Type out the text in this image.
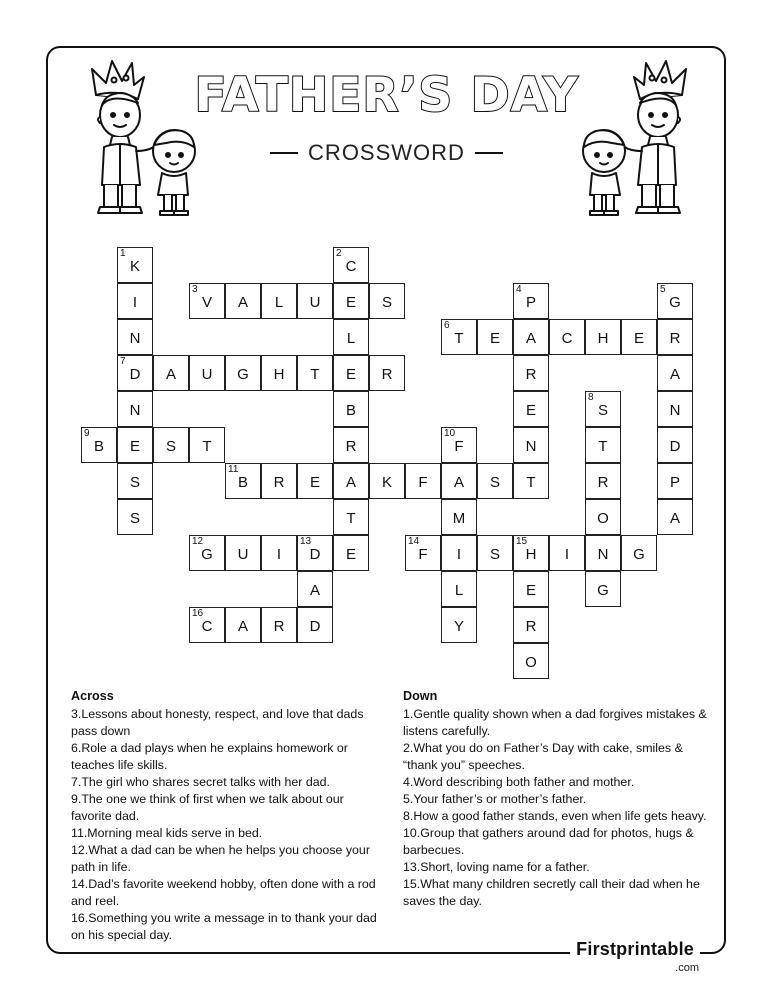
FATHER’S DAY
CROSSWORD
1
K
I
N
7
D
N
E
S
S
2
C
E
L
E
B
R
A
T
E
3
V	A	L	U	S
4
P
A
R
E
N
T
5
G
R
A
N
D
P
A
6
T	E	C	H	E
A	U	G	H	T	R
8
S
T
R
O
N
G
9
B	S	T
10
F
A
M
I
L
Y
11
B	R	E	K	F	S
12
G	U	I
13
D
A
D
14
F	S
15
H	I	G
E
R
O
16
C	A	R
Across

3.Lessons about honesty, respect, and love that dads pass down

6.Role a dad plays when he explains homework or teaches life skills.

7.The girl who shares secret talks with her dad.

9.The one we think of first when we talk about our favorite dad.

11.Morning meal kids serve in bed.

12.What a dad can be when he helps you choose your path in life.

14.Dad’s favorite weekend hobby, often done with a rod and reel.

16.Something you write a message in to thank your dad on his special day.

Down

1.Gentle quality shown when a dad forgives mistakes & listens carefully.

2.What you do on Father’s Day with cake, smiles & “thank you” speeches.

4.Word describing both father and mother.

5.Your father’s or mother’s father.

8.How a good father stands, even when life gets heavy.

10.Group that gathers around dad for photos, hugs & barbecues.

13.Short, loving name for a father.

15.What many children secretly call their dad when he saves the day.

Firstprintable
.com
